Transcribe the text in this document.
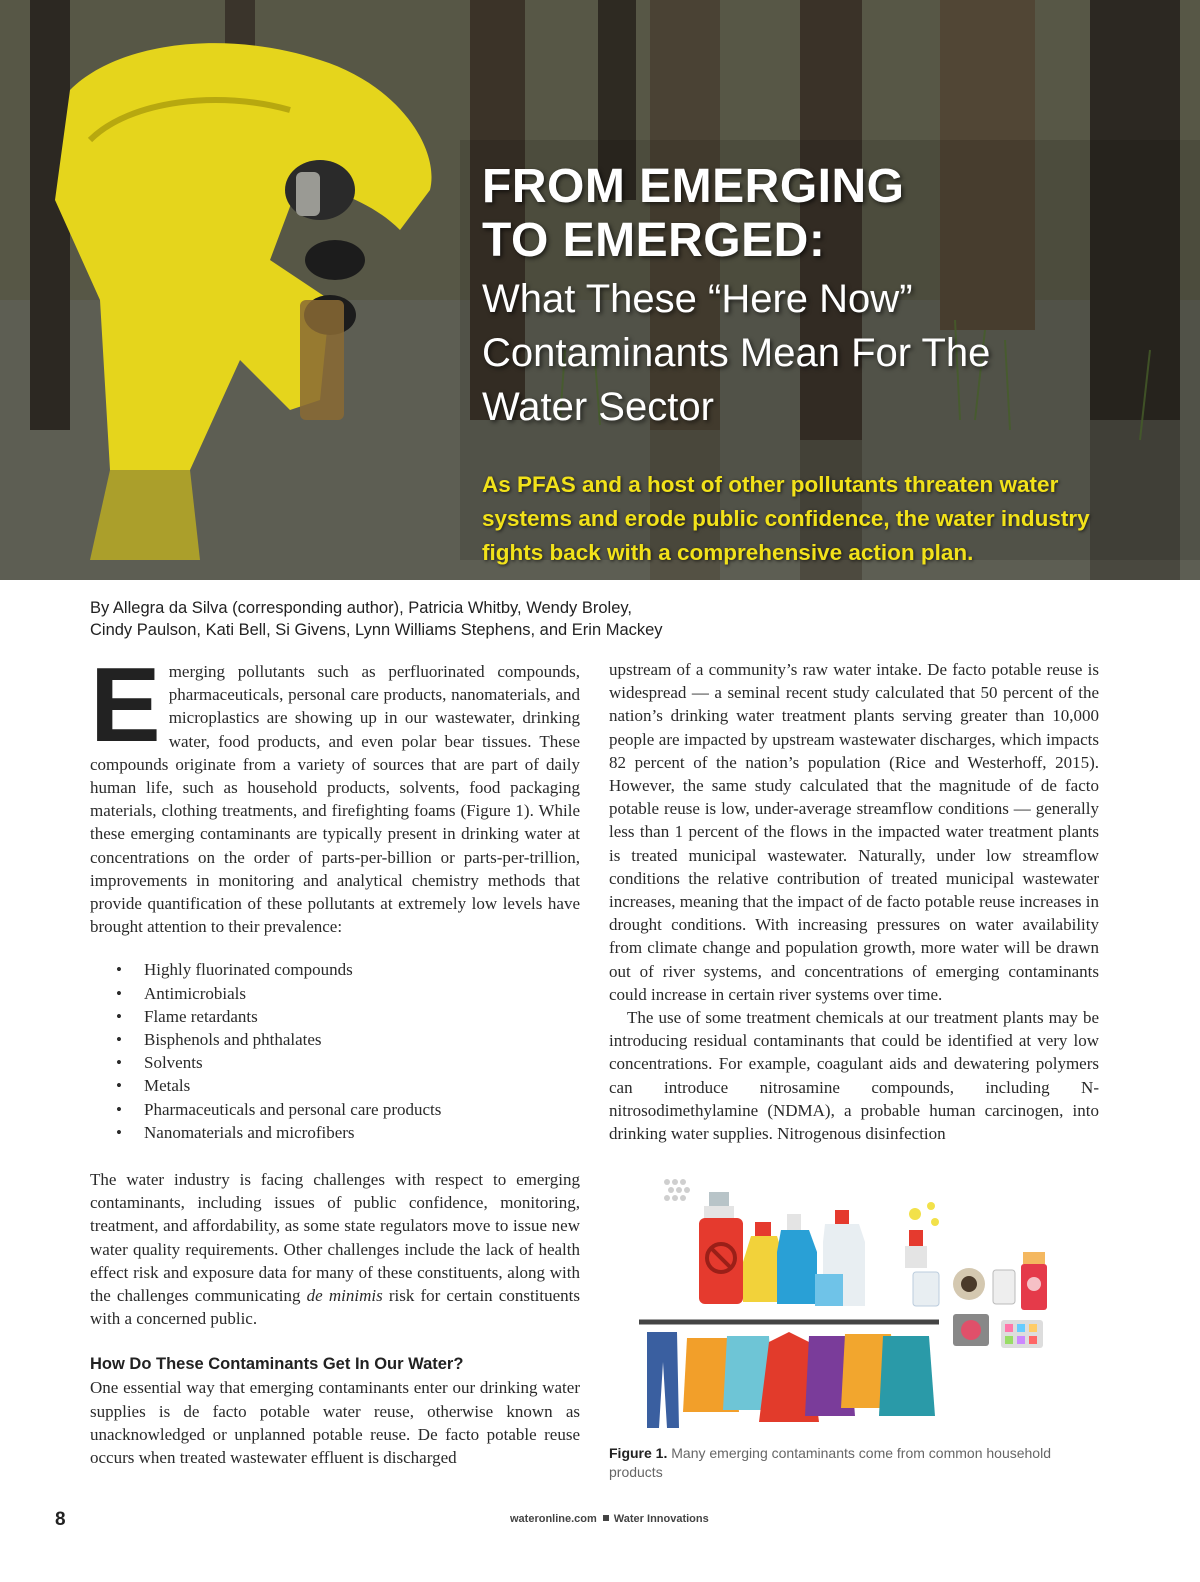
FROM EMERGING
TO EMERGED:
What These “Here Now” Contaminants Mean For The Water Sector
As PFAS and a host of other pollutants threaten water systems and erode public confidence, the water industry fights back with a comprehensive action plan.
By Allegra da Silva (corresponding author), Patricia Whitby, Wendy Broley,
Cindy Paulson, Kati Bell, Si Givens, Lynn Williams Stephens, and Erin Mackey

Emerging pollutants such as perfluorinated compounds, pharmaceuticals, personal care products, nanomaterials, and microplastics are showing up in our wastewater, drinking water, food products, and even polar bear tissues. These compounds originate from a variety of sources that are part of daily human life, such as household products, solvents, food packaging materials, clothing treatments, and firefighting foams (Figure 1). While these emerging contaminants are typically present in drinking water at concentrations on the order of parts-per-billion or parts-per-trillion, improvements in monitoring and analytical chemistry methods that provide quantification of these pollutants at extremely low levels have brought attention to their prevalence:

• Highly fluorinated compounds
• Antimicrobials
• Flame retardants
• Bisphenols and phthalates
• Solvents
• Metals
• Pharmaceuticals and personal care products
• Nanomaterials and microfibers

The water industry is facing challenges with respect to emerging contaminants, including issues of public confidence, monitoring, treatment, and affordability, as some state regulators move to issue new water quality requirements. Other challenges include the lack of health effect risk and exposure data for many of these constituents, along with the challenges communicating de minimis risk for certain constituents with a concerned public.

How Do These Contaminants Get In Our Water?

One essential way that emerging contaminants enter our drinking water supplies is de facto potable water reuse, otherwise known as unacknowledged or unplanned potable reuse. De facto potable reuse occurs when treated wastewater effluent is discharged

upstream of a community’s raw water intake. De facto potable reuse is widespread — a seminal recent study calculated that 50 percent of the nation’s drinking water treatment plants serving greater than 10,000 people are impacted by upstream wastewater discharges, which impacts 82 percent of the nation’s population (Rice and Westerhoff, 2015). However, the same study calculated that the magnitude of de facto potable reuse is low, under-average streamflow conditions — generally less than 1 percent of the flows in the impacted water treatment plants is treated municipal wastewater. Naturally, under low streamflow conditions the relative contribution of treated municipal wastewater increases, meaning that the impact of de facto potable reuse increases in drought conditions. With increasing pressures on water availability from climate change and population growth, more water will be drawn out of river systems, and concentrations of emerging contaminants could increase in certain river systems over time.

The use of some treatment chemicals at our treatment plants may be introducing residual contaminants that could be identified at very low concentrations. For example, coagulant aids and dewatering polymers can introduce nitrosamine compounds, including N-nitrosodimethylamine (NDMA), a probable human carcinogen, into drinking water supplies. Nitrogenous disinfection

Figure 1. Many emerging contaminants come from common household products
8	wateronline.com Water Innovations
